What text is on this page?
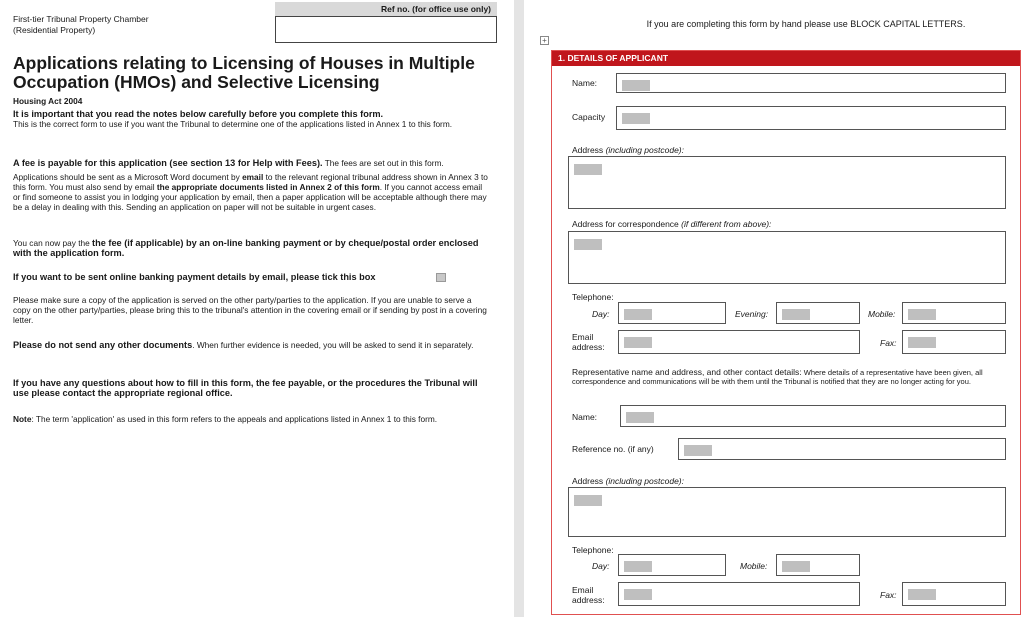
First-tier Tribunal Property Chamber
(Residential Property)
Ref no. (for office use only)
Applications relating to Licensing of Houses in Multiple Occupation (HMOs) and Selective Licensing
Housing Act 2004
It is important that you read the notes below carefully before you complete this form.
This is the correct form to use if you want the Tribunal to determine one of the applications listed in Annex 1 to this form.
A fee is payable for this application (see section 13 for Help with Fees). The fees are set out in this form.
Applications should be sent as a Microsoft Word document by email to the relevant regional tribunal address shown in Annex 3 to this form. You must also send by email the appropriate documents listed in Annex 2 of this form. If you cannot access email or find someone to assist you in lodging your application by email, then a paper application will be acceptable although there may be a delay in dealing with this. Sending an application on paper will not be suitable in urgent cases.
You can now pay the the fee (if applicable) by an on-line banking payment or by cheque/postal order enclosed with the application form.
If you want to be sent online banking payment details by email, please tick this box
Please make sure a copy of the application is served on the other party/parties to the application. If you are unable to serve a copy on the other party/parties, please bring this to the tribunal's attention in the covering email or if sending by post in a covering letter.
Please do not send any other documents. When further evidence is needed, you will be asked to send it in separately.
If you have any questions about how to fill in this form, the fee payable, or the procedures the Tribunal will use please contact the appropriate regional office.
Note: The term 'application' as used in this form refers to the appeals and applications listed in Annex 1 to this form.
If you are completing this form by hand please use BLOCK CAPITAL LETTERS.
+
1. DETAILS OF APPLICANT
Name:
Capacity
Address (including postcode):
Address for correspondence (if different from above):
Telephone:
Day:	Evening:	Mobile:
Email
address:	Fax:
Representative name and address, and other contact details: Where details of a representative have been given, all correspondence and communications will be with them until the Tribunal is notified that they are no longer acting for you.
Name:
Reference no. (if any)
Address (including postcode):
Telephone:
Day:	Mobile:
Email
address:	Fax:
